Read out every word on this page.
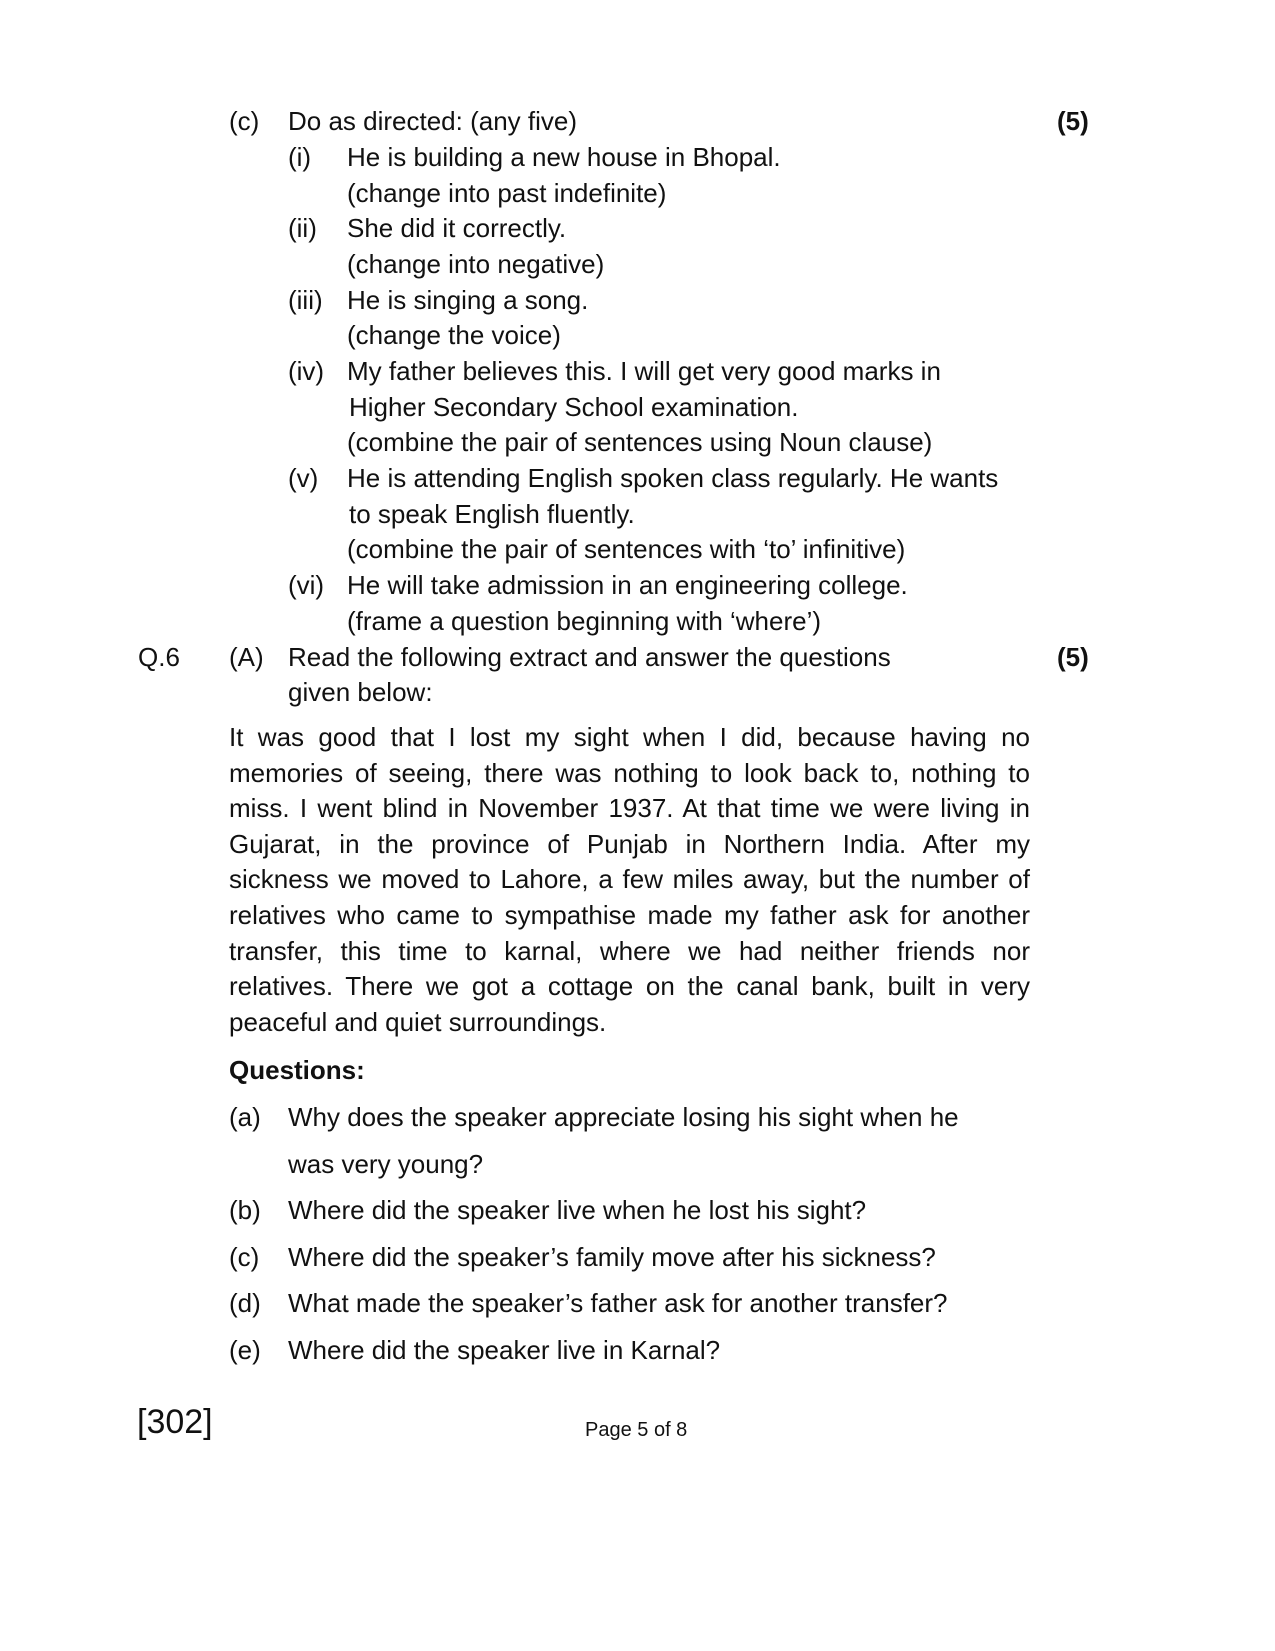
(c) Do as directed: (any five)	(5)
(i) He is building a new house in Bhopal.
(change into past indefinite)
(ii) She did it correctly.
(change into negative)
(iii) He is singing a song.
(change the voice)
(iv) My father believes this. I will get very good marks in
Higher Secondary School examination.
(combine the pair of sentences using Noun clause)
(v) He is attending English spoken class regularly. He wants
to speak English fluently.
(combine the pair of sentences with ‘to’ infinitive)
(vi) He will take admission in an engineering college.
(frame a question beginning with ‘where’)
Q.6 (A) Read the following extract and answer the questions
given below:
(5)
It was good that I lost my sight when I did, because having no memories of seeing, there was nothing to look back to, nothing to miss. I went blind in November 1937. At that time we were living in Gujarat, in the province of Punjab in Northern India. After my sickness we moved to Lahore, a few miles away, but the number of relatives who came to sympathise made my father ask for another transfer, this time to karnal, where we had neither friends nor relatives. There we got a cottage on the canal bank, built in very peaceful and quiet surroundings.
Questions:
(a) Why does the speaker appreciate losing his sight when he
was very young?
(b) Where did the speaker live when he lost his sight?
(c) Where did the speaker’s family move after his sickness?
(d) What made the speaker’s father ask for another transfer?
(e) Where did the speaker live in Karnal?
[302]	Page 5 of 8
